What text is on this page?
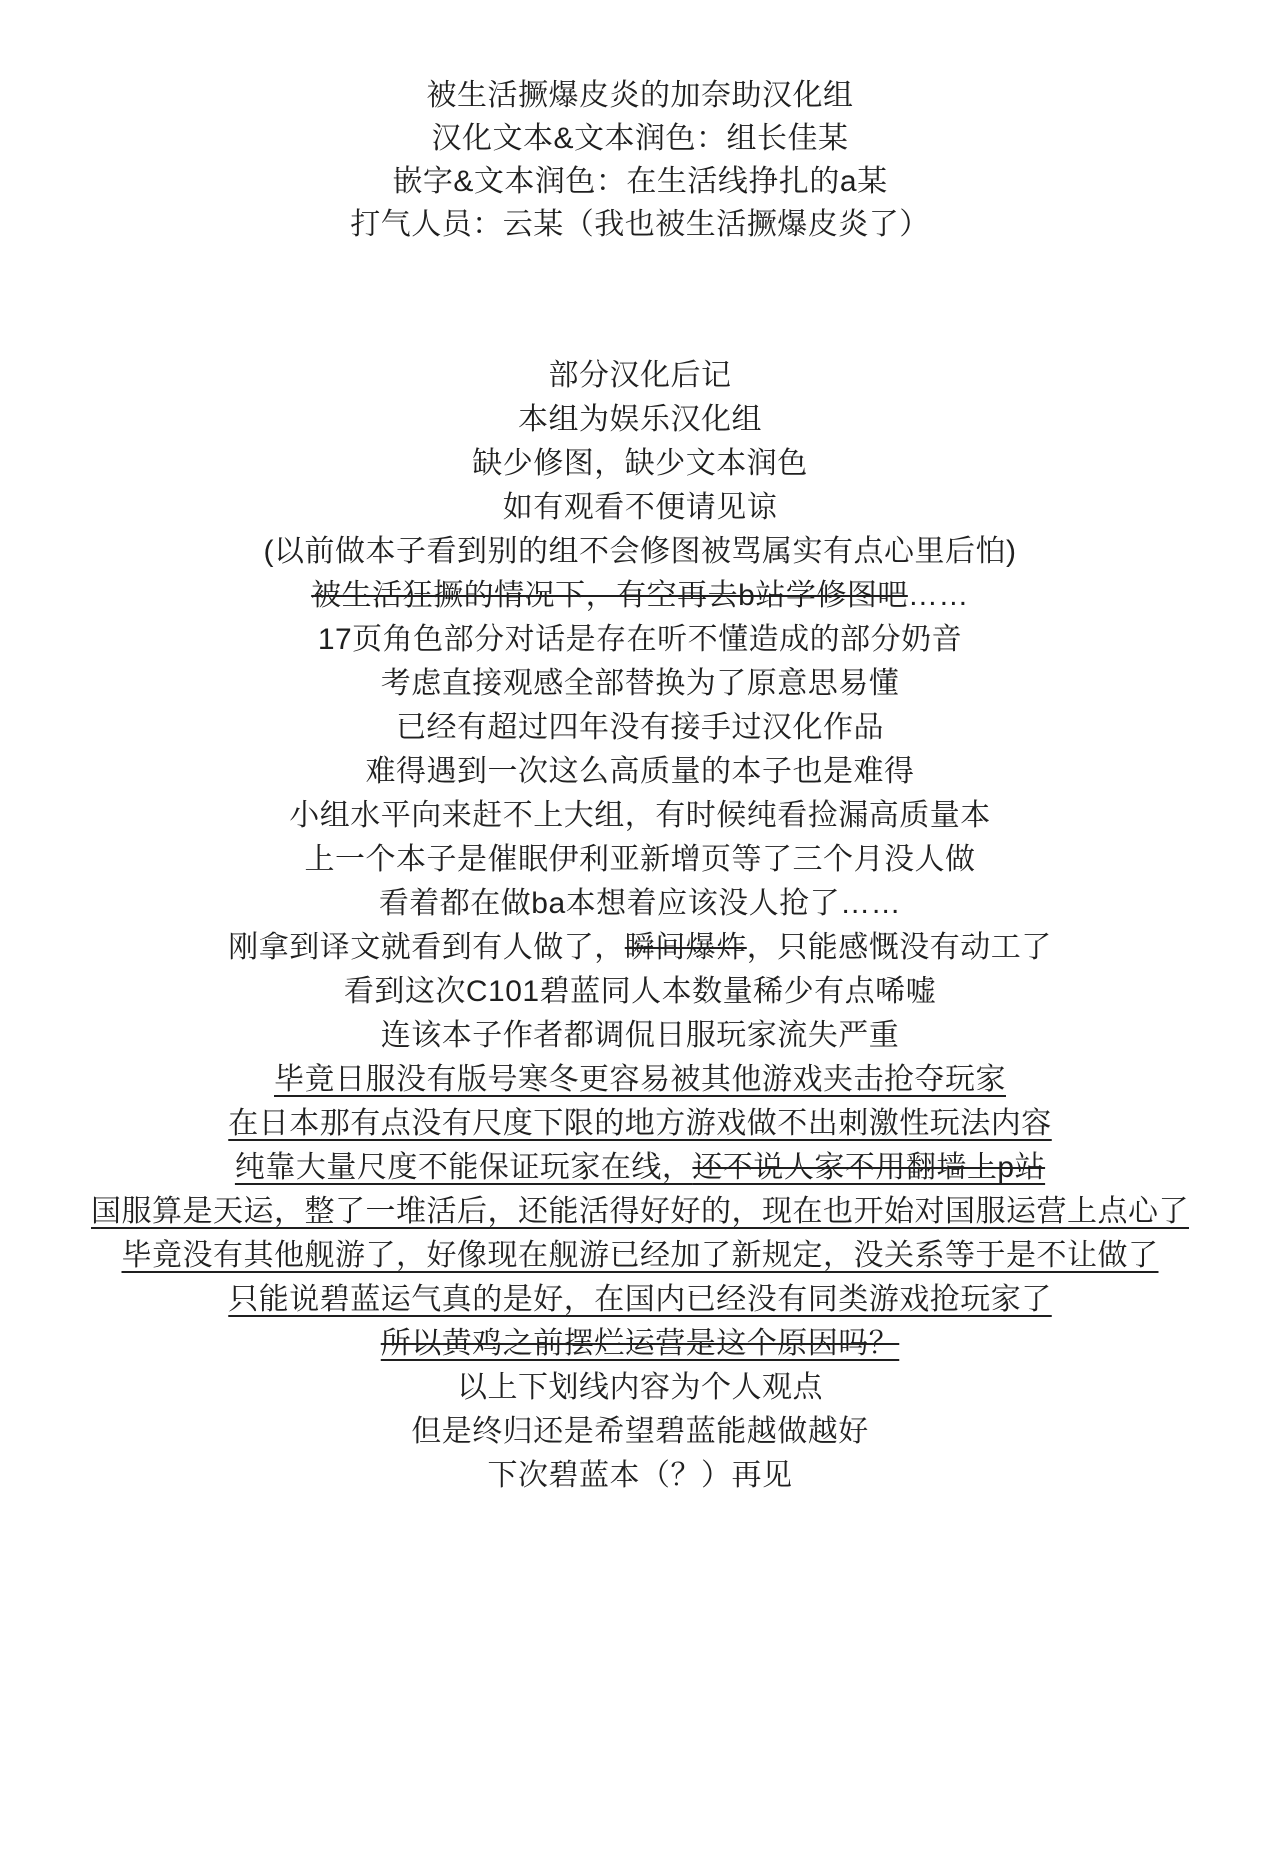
被生活撅爆皮炎的加奈助汉化组
汉化文本&文本润色：组长佳某
嵌字&文本润色：在生活线挣扎的a某
打气人员：云某（我也被生活撅爆皮炎了）
部分汉化后记
本组为娱乐汉化组
缺少修图，缺少文本润色
如有观看不便请见谅
(以前做本子看到别的组不会修图被骂属实有点心里后怕)
被生活狂撅的情况下，有空再去b站学修图吧……
17页角色部分对话是存在听不懂造成的部分奶音
考虑直接观感全部替换为了原意思易懂
已经有超过四年没有接手过汉化作品
难得遇到一次这么高质量的本子也是难得
小组水平向来赶不上大组，有时候纯看捡漏高质量本
上一个本子是催眠伊利亚新增页等了三个月没人做
看着都在做ba本想着应该没人抢了……
刚拿到译文就看到有人做了，瞬间爆炸，只能感慨没有动工了
看到这次C101碧蓝同人本数量稀少有点唏嘘
连该本子作者都调侃日服玩家流失严重
毕竟日服没有版号寒冬更容易被其他游戏夹击抢夺玩家
在日本那有点没有尺度下限的地方游戏做不出刺激性玩法内容
纯靠大量尺度不能保证玩家在线，还不说人家不用翻墙上p站
国服算是天运，整了一堆活后，还能活得好好的，现在也开始对国服运营上点心了
毕竟没有其他舰游了，好像现在舰游已经加了新规定，没关系等于是不让做了
只能说碧蓝运气真的是好，在国内已经没有同类游戏抢玩家了
所以黄鸡之前摆烂运营是这个原因吗？
以上下划线内容为个人观点
但是终归还是希望碧蓝能越做越好
下次碧蓝本（？）再见
